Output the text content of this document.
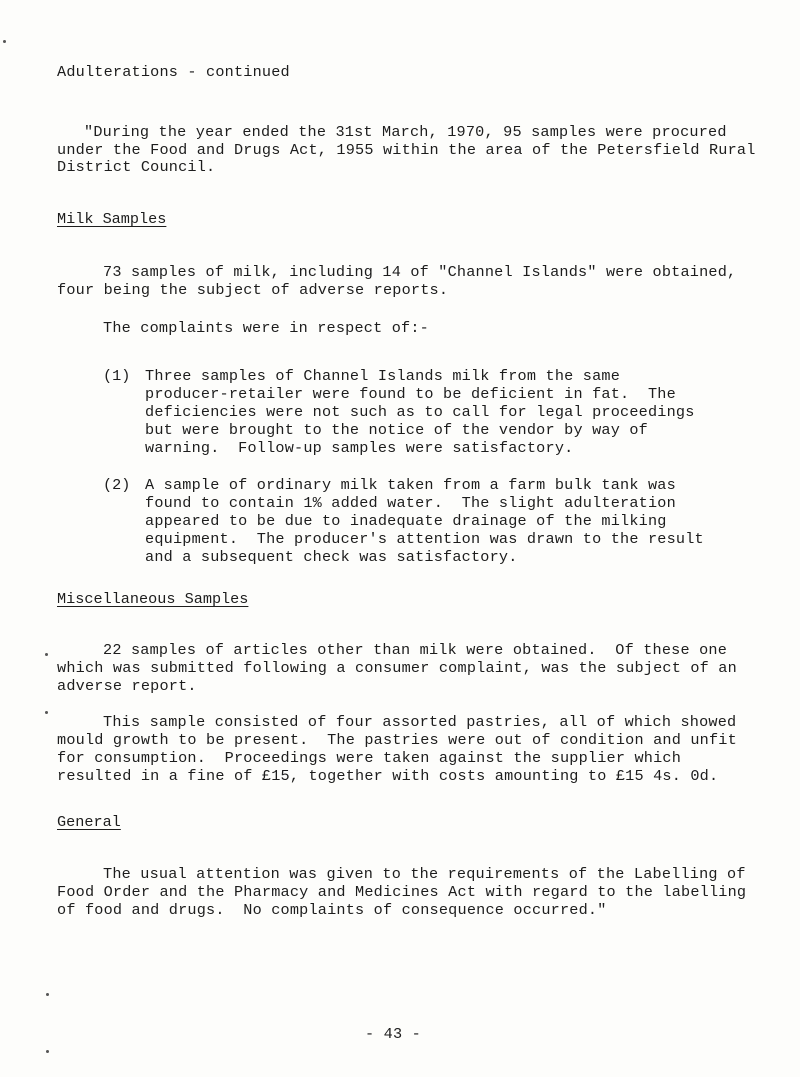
Adulterations - continued
"During the year ended the 31st March, 1970, 95 samples were procured
under the Food and Drugs Act, 1955 within the area of the Petersfield Rural
District Council.
Milk Samples
73 samples of milk, including 14 of "Channel Islands" were obtained,
four being the subject of adverse reports.
The complaints were in respect of:-
(1) Three samples of Channel Islands milk from the same
producer-retailer were found to be deficient in fat.  The
deficiencies were not such as to call for legal proceedings
but were brought to the notice of the vendor by way of
warning.  Follow-up samples were satisfactory.
(2) A sample of ordinary milk taken from a farm bulk tank was
found to contain 1% added water.  The slight adulteration
appeared to be due to inadequate drainage of the milking
equipment.  The producer's attention was drawn to the result
and a subsequent check was satisfactory.
Miscellaneous Samples
22 samples of articles other than milk were obtained.  Of these one
which was submitted following a consumer complaint, was the subject of an
adverse report.
This sample consisted of four assorted pastries, all of which showed
mould growth to be present.  The pastries were out of condition and unfit
for consumption.  Proceedings were taken against the supplier which
resulted in a fine of £15, together with costs amounting to £15 4s. 0d.
General
The usual attention was given to the requirements of the Labelling of
Food Order and the Pharmacy and Medicines Act with regard to the labelling
of food and drugs.  No complaints of consequence occurred."
- 43 -
